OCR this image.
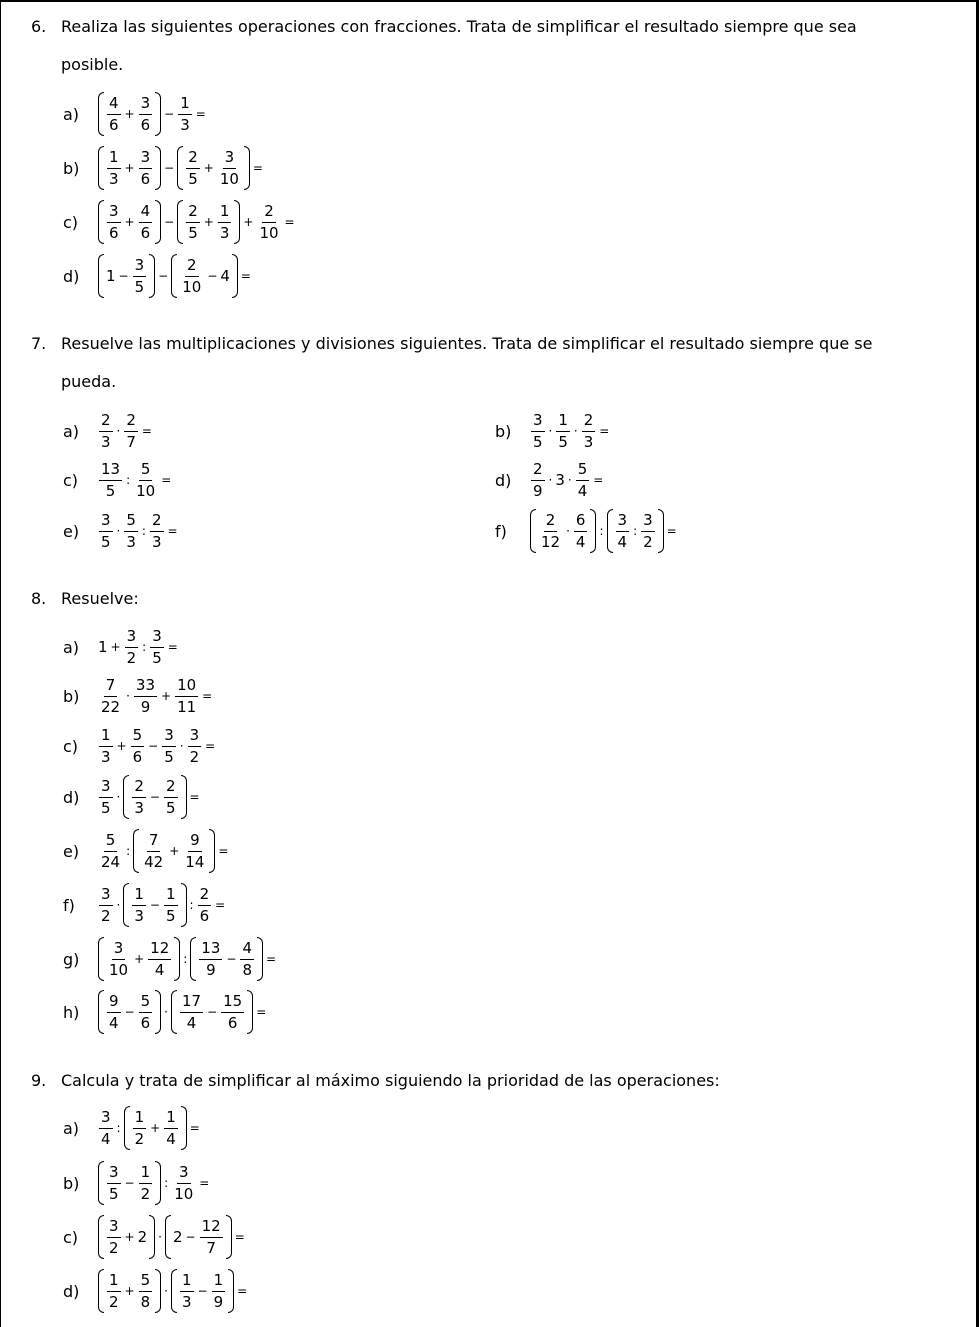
6. Realiza las siguientes operaciones con fracciones. Trata de simplificar el resultado siempre que sea
posible.
a)	$\frac{4}{6} + \frac{3}{6} - \frac{1}{3}$ =
b)	$\frac{1}{3} + \frac{3}{6} - \frac{2}{5} + \frac{3}{10}$ =
c)	$\frac{3}{6} + \frac{4}{6} - \frac{2}{5} + \frac{1}{3} + \frac{2}{10}$ =
d)	$1 - \frac{3}{5} - \frac{2}{10} - 4$ =
7. Resuelve las multiplicaciones y divisiones siguientes. Trata de simplificar el resultado siempre que se
pueda.
a)	$\frac{2}{3} \cdot \frac{2}{7}$ =	b)	$\frac{3}{5} \cdot \frac{1}{5} \cdot \frac{2}{3}$ =
c)	$\frac{13}{5}$ : $\frac{5}{10}$ =	d)	$\frac{2}{9} \cdot 3 \cdot \frac{5}{4}$ =
e)	$\frac{3}{5} \cdot \frac{5}{3}$ : $\frac{2}{3}$ =	f)	$\frac{2}{12} \cdot \frac{6}{4}$ : $\frac{3}{4}$ : $\frac{3}{2}$ =
8. Resuelve:
a)	$1 + \frac{3}{2}$ : $\frac{3}{5}$ =
b)	$\frac{7}{22} \cdot \frac{33}{9} + \frac{10}{11}$ =
c)	$\frac{1}{3} + \frac{5}{6} - \frac{3}{5} \cdot \frac{3}{2}$ =
d)	$\frac{3}{5} \cdot \frac{2}{3} - \frac{2}{5}$ =
e)	$\frac{5}{24}$ : $\frac{7}{42} + \frac{9}{14}$ =
f)	$\frac{3}{2} \cdot \frac{1}{3} - \frac{1}{5}$ : $\frac{2}{6}$ =
g)	$\frac{3}{10} + \frac{12}{4}$ : $\frac{13}{9} - \frac{4}{8}$ =
h)	$\frac{9}{4} - \frac{5}{6} \cdot \frac{17}{4} - \frac{15}{6}$ =
9. Calcula y trata de simplificar al máximo siguiendo la prioridad de las operaciones:
a)	$\frac{3}{4}$ : $\frac{1}{2} + \frac{1}{4}$ =
b)	$\frac{3}{5} - \frac{1}{2}$ : $\frac{3}{10}$ =
c)	$\frac{3}{2} + 2 \cdot 2 - \frac{12}{7}$ =
d)	$\frac{1}{2} + \frac{5}{8} \cdot \frac{1}{3} - \frac{1}{9}$ =
